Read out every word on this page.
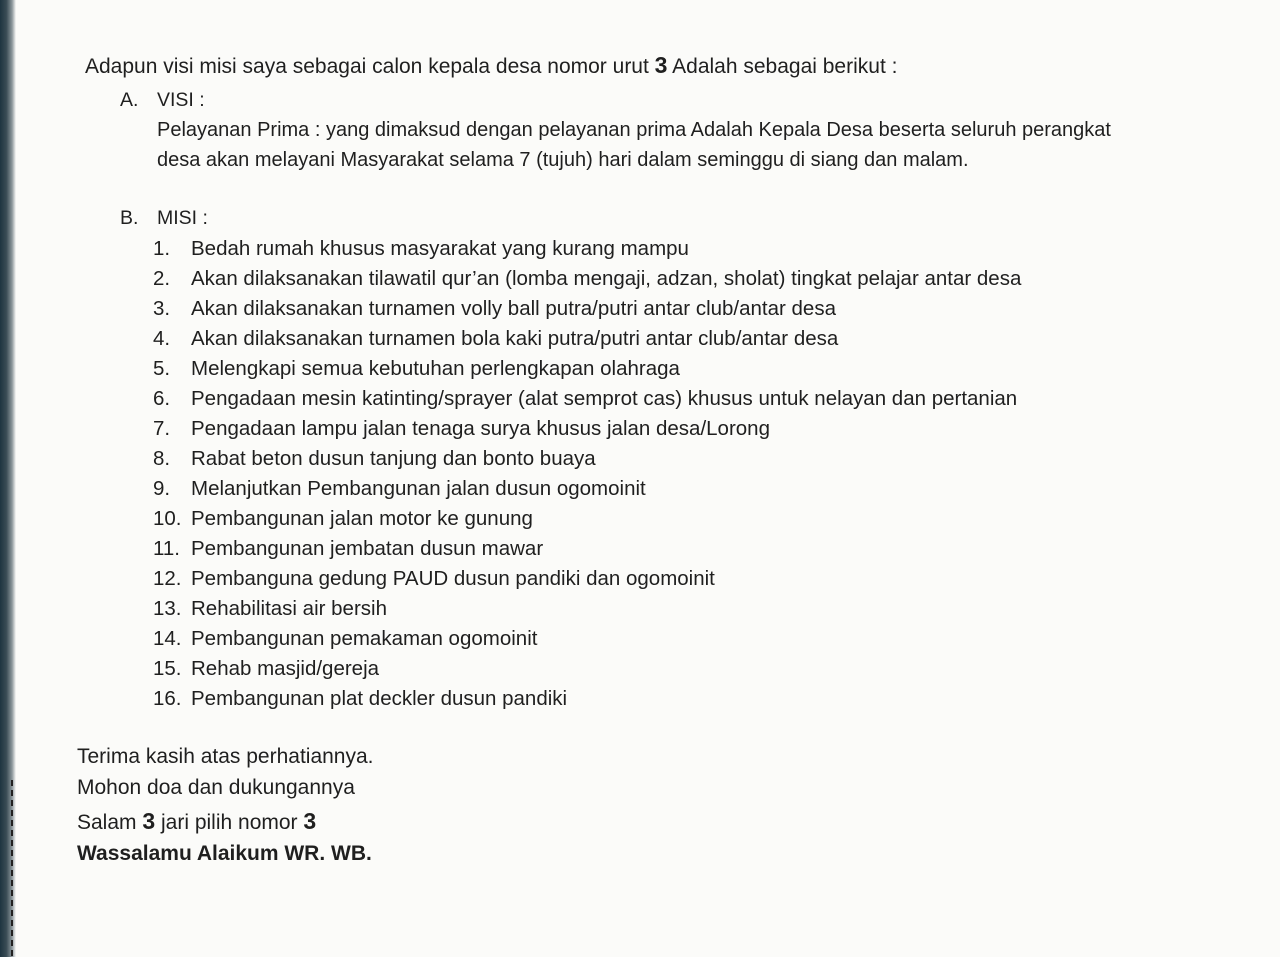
Adapun visi misi saya sebagai calon kepala desa nomor urut 3 Adalah sebagai berikut :
A. VISI :
Pelayanan Prima : yang dimaksud dengan pelayanan prima Adalah Kepala Desa beserta seluruh perangkat
desa akan melayani Masyarakat selama 7 (tujuh) hari dalam seminggu di siang dan malam.
B. MISI :
1.	Bedah rumah khusus masyarakat yang kurang mampu
2.	Akan dilaksanakan tilawatil qur’an (lomba mengaji, adzan, sholat) tingkat pelajar antar desa
3.	Akan dilaksanakan turnamen volly ball putra/putri antar club/antar desa
4.	Akan dilaksanakan turnamen bola kaki putra/putri antar club/antar desa
5.	Melengkapi semua kebutuhan perlengkapan olahraga
6.	Pengadaan mesin katinting/sprayer (alat semprot cas) khusus untuk nelayan dan pertanian
7.	Pengadaan lampu jalan tenaga surya khusus jalan desa/Lorong
8.	Rabat beton dusun tanjung dan bonto buaya
9.	Melanjutkan Pembangunan jalan dusun ogomoinit
10. Pembangunan jalan motor ke gunung
11. Pembangunan jembatan dusun mawar
12. Pembanguna gedung PAUD dusun pandiki dan ogomoinit
13. Rehabilitasi air bersih
14. Pembangunan pemakaman ogomoinit
15. Rehab masjid/gereja
16. Pembangunan plat deckler dusun pandiki
Terima kasih atas perhatiannya.
Mohon doa dan dukungannya
Salam 3 jari pilih nomor 3
Wassalamu Alaikum WR. WB.
